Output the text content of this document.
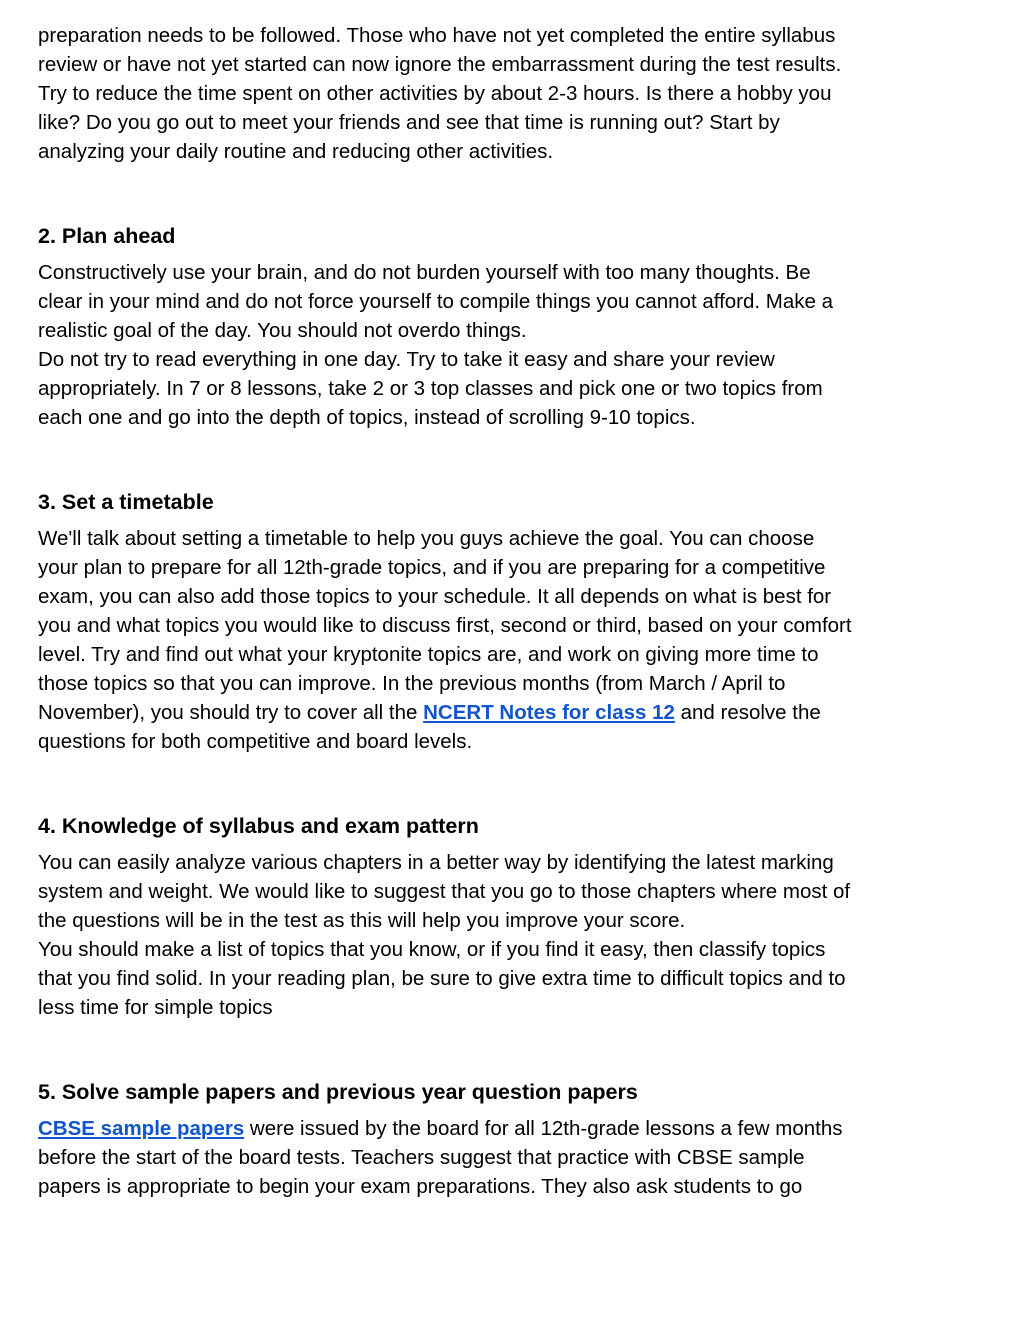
preparation needs to be followed. Those who have not yet completed the entire syllabus
review or have not yet started can now ignore the embarrassment during the test results.
Try to reduce the time spent on other activities by about 2-3 hours. Is there a hobby you
like? Do you go out to meet your friends and see that time is running out? Start by
analyzing your daily routine and reducing other activities.
2. Plan ahead
Constructively use your brain, and do not burden yourself with too many thoughts. Be
clear in your mind and do not force yourself to compile things you cannot afford. Make a
realistic goal of the day. You should not overdo things.
Do not try to read everything in one day. Try to take it easy and share your review
appropriately. In 7 or 8 lessons, take 2 or 3 top classes and pick one or two topics from
each one and go into the depth of topics, instead of scrolling 9-10 topics.
3. Set a timetable
We'll talk about setting a timetable to help you guys achieve the goal. You can choose
your plan to prepare for all 12th-grade topics, and if you are preparing for a competitive
exam, you can also add those topics to your schedule. It all depends on what is best for
you and what topics you would like to discuss first, second or third, based on your comfort
level. Try and find out what your kryptonite topics are, and work on giving more time to
those topics so that you can improve. In the previous months (from March / April to
November), you should try to cover all the NCERT Notes for class 12 and resolve the
questions for both competitive and board levels.
4. Knowledge of syllabus and exam pattern
You can easily analyze various chapters in a better way by identifying the latest marking
system and weight. We would like to suggest that you go to those chapters where most of
the questions will be in the test as this will help you improve your score.
You should make a list of topics that you know, or if you find it easy, then classify topics
that you find solid. In your reading plan, be sure to give extra time to difficult topics and to
less time for simple topics
5. Solve sample papers and previous year question papers
CBSE sample papers were issued by the board for all 12th-grade lessons a few months
before the start of the board tests. Teachers suggest that practice with CBSE sample
papers is appropriate to begin your exam preparations. They also ask students to go
